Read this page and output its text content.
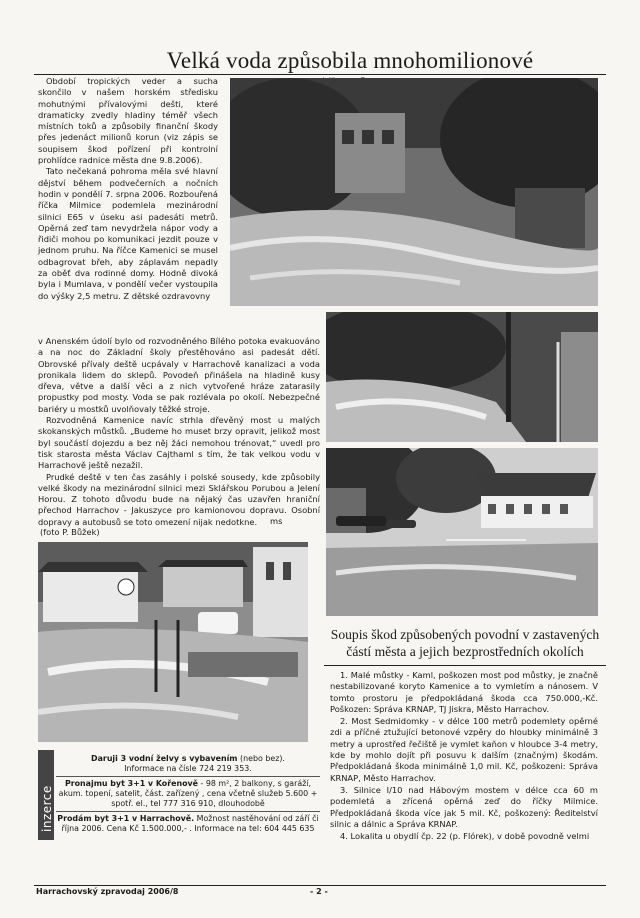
Velká voda způsobila mnohomilionové

Období tropických veder a sucha skončilo v našem horském středisku mohutnými přívalovými dešti, které dramaticky zvedly hladiny téměř všech místních toků a způsobily finanční škody přes jedenáct milionů korun (viz zápis se soupisem škod pořízení při kontrolní prohlídce radnice města dne 9.8.2006).

Tato nečekaná pohroma měla své hlavní dějství během podvečerních a nočních hodin v pondělí 7. srpna 2006. Rozbouřená říčka Milmice podemlela mezinárodní silnici E65 v úseku asi padesáti metrů. Opěrná zeď tam nevydržela nápor vody a řidiči mohou po komunikaci jezdit pouze v jednom pruhu. Na říčce Kamenici se musel odbagrovat břeh, aby záplavám nepadly za oběť dva rodinné domy. Hodně divoká byla i Mumlava, v pondělí večer vystoupila do výšky 2,5 metru. Z dětské ozdravovny

v Anenském údolí bylo od rozvodněného Bílého potoka evakuováno a na noc do Základní školy přestěhováno asi padesát dětí. Obrovské přívaly deště ucpávaly v Harrachově kanalizaci a voda pronikala lidem do sklepů. Povodeň přinášela na hladině kusy dřeva, větve a další věci a z nich vytvořené hráze zatarasily propustky pod mosty. Voda se pak rozlévala po okolí. Nebezpečné bariéry u mostků uvolňovaly těžké stroje.

Rozvodněná Kamenice navíc strhla dřevěný most u malých skokanských můstků. „Budeme ho muset brzy opravit, jelikož most byl součástí dojezdu a bez něj žáci nemohou trénovat,“ uvedl pro tisk starosta města Václav Cajthaml s tím, že tak velkou vodu v Harrachově ještě nezažil.

Prudké deště v ten čas zasáhly i polské sousedy, kde způsobily velké škody na mezinárodní silnici mezi Sklářskou Porubou a Jelení Horou. Z tohoto důvodu bude na nějaký čas uzavřen hraniční přechod Harrachov - Jakuszyce pro kamionovou dopravu. Osobní dopravy a autobusů se toto omezení nijak nedotkne.	ms
(foto P. Bůžek)
Soupis škod způsobených povodní v zastavených částí města a jejich bezprostředních okolích

1. Malé můstky - Kaml, poškozen most pod můstky, je značně nestabilizované koryto Kamenice a to vymletím a nánosem. V tomto prostoru je předpokládaná škoda cca 750.000,-Kč. Poškozen: Správa KRNAP, TJ Jiskra, Město Harrachov.

2. Most Sedmidomky - v délce 100 metrů podemlety opěrné zdi a příčné ztužující betonové vzpěry do hloubky minimálně 3 metry a uprostřed řečiště je vymlet kaňon v hloubce 3-4 metry, kde by mohlo dojít při posuvu k dalším (značným) škodám. Předpokládaná škoda minimálně 1,0 mil. Kč, poškozeni: Správa KRNAP, Město Harrachov.

3. Silnice I/10 nad Hábovým mostem v délce cca 60 m podemletá a zřícená opěrná zeď do říčky Milmice. Předpokládaná škoda více jak 5 mil. Kč, poškozený: Ředitelství silnic a dálnic a Správa KRNAP.

4. Lokalita u obydlí čp. 22 (p. Flórek), v době povodně velmi

inzerce
Daruji 3 vodní želvy s vybavením (nebo bez).
Informace na čísle 724 219 353.
Pronajmu byt 3+1 v Kořenově - 98 m², 2 balkony, s garáží, akum. topení, satelit, část. zařízený , cena včetně služeb 5.600 + spotř. el., tel 777 316 910, dlouhodobě
Prodám byt 3+1 v Harrachově. Možnost nastěhování od září či října 2006. Cena Kč 1.500.000,- . Informace na tel: 604 445 635
Harrachovský zpravodaj 2006/8	- 2 -
